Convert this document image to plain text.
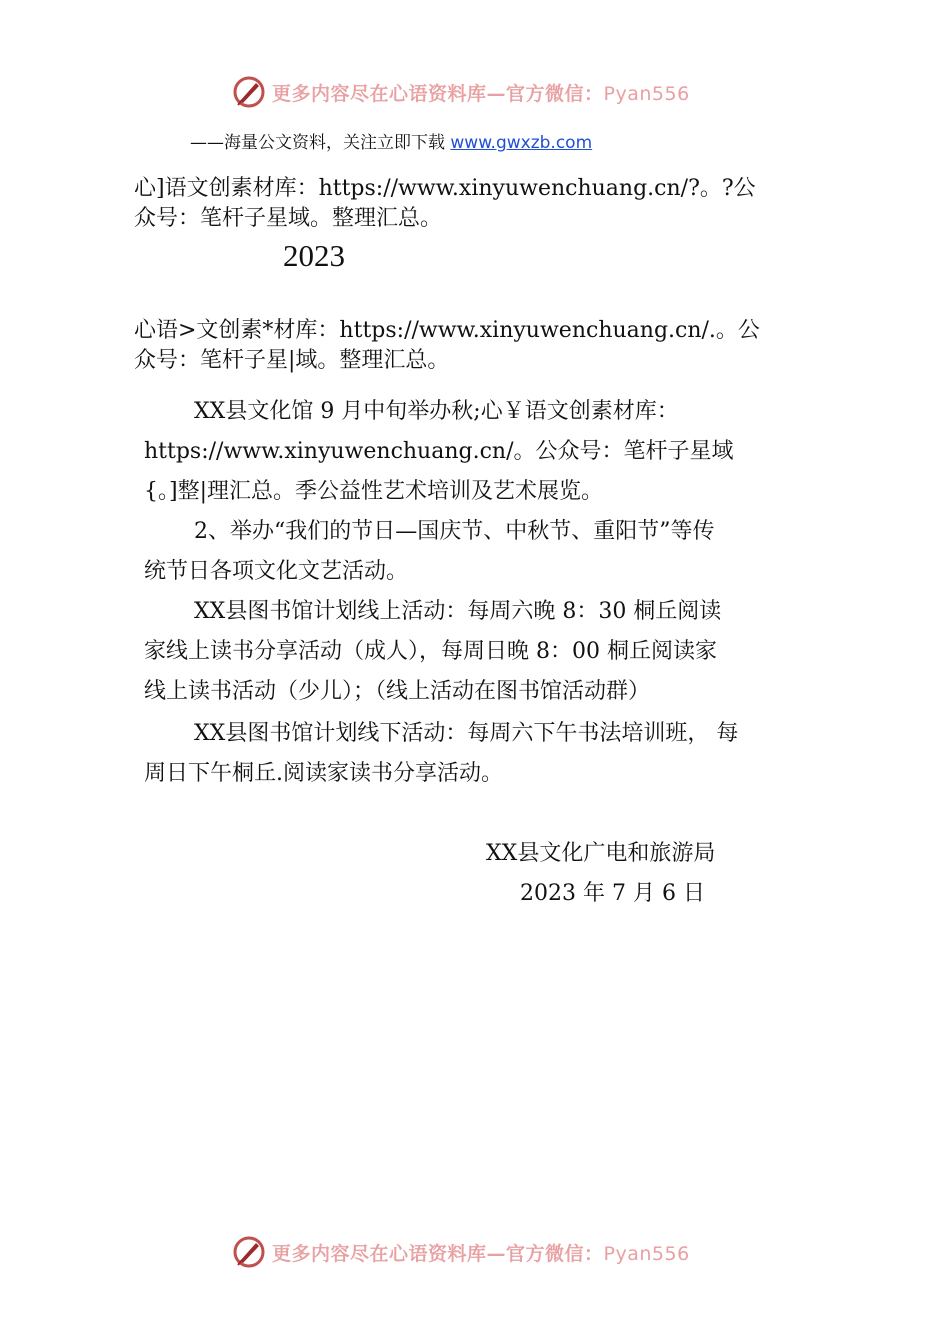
更多内容尽在心语资料库—官方微信：Pyan556
——海量公文资料，关注立即下载 www.gwxzb.com

心]语文创素材库：https://www.xinyuwenchuang.cn/?。?公

众号：笔杆子星域。整理汇总。

2023

心语>文创素*材库：https://www.xinyuwenchuang.cn/.。公

众号：笔杆子星|域。整理汇总。

XX县文化馆 9 月中旬举办秋;心￥语文创素材库：

https://www.xinyuwenchuang.cn/。公众号：笔杆子星域

{。]整|理汇总。季公益性艺术培训及艺术展览。

2、举办“我们的节日—国庆节、中秋节、重阳节”等传

统节日各项文化文艺活动。

XX县图书馆计划线上活动：每周六晚 8：30 桐丘阅读

家线上读书分享活动（成人），每周日晚 8：00 桐丘阅读家

线上读书活动（少儿）；（线上活动在图书馆活动群）

XX县图书馆计划线下活动：每周六下午书法培训班， 每

周日下午桐丘.阅读家读书分享活动。

XX县文化广电和旅游局

2023 年 7 月 6 日

更多内容尽在心语资料库—官方微信：Pyan556
